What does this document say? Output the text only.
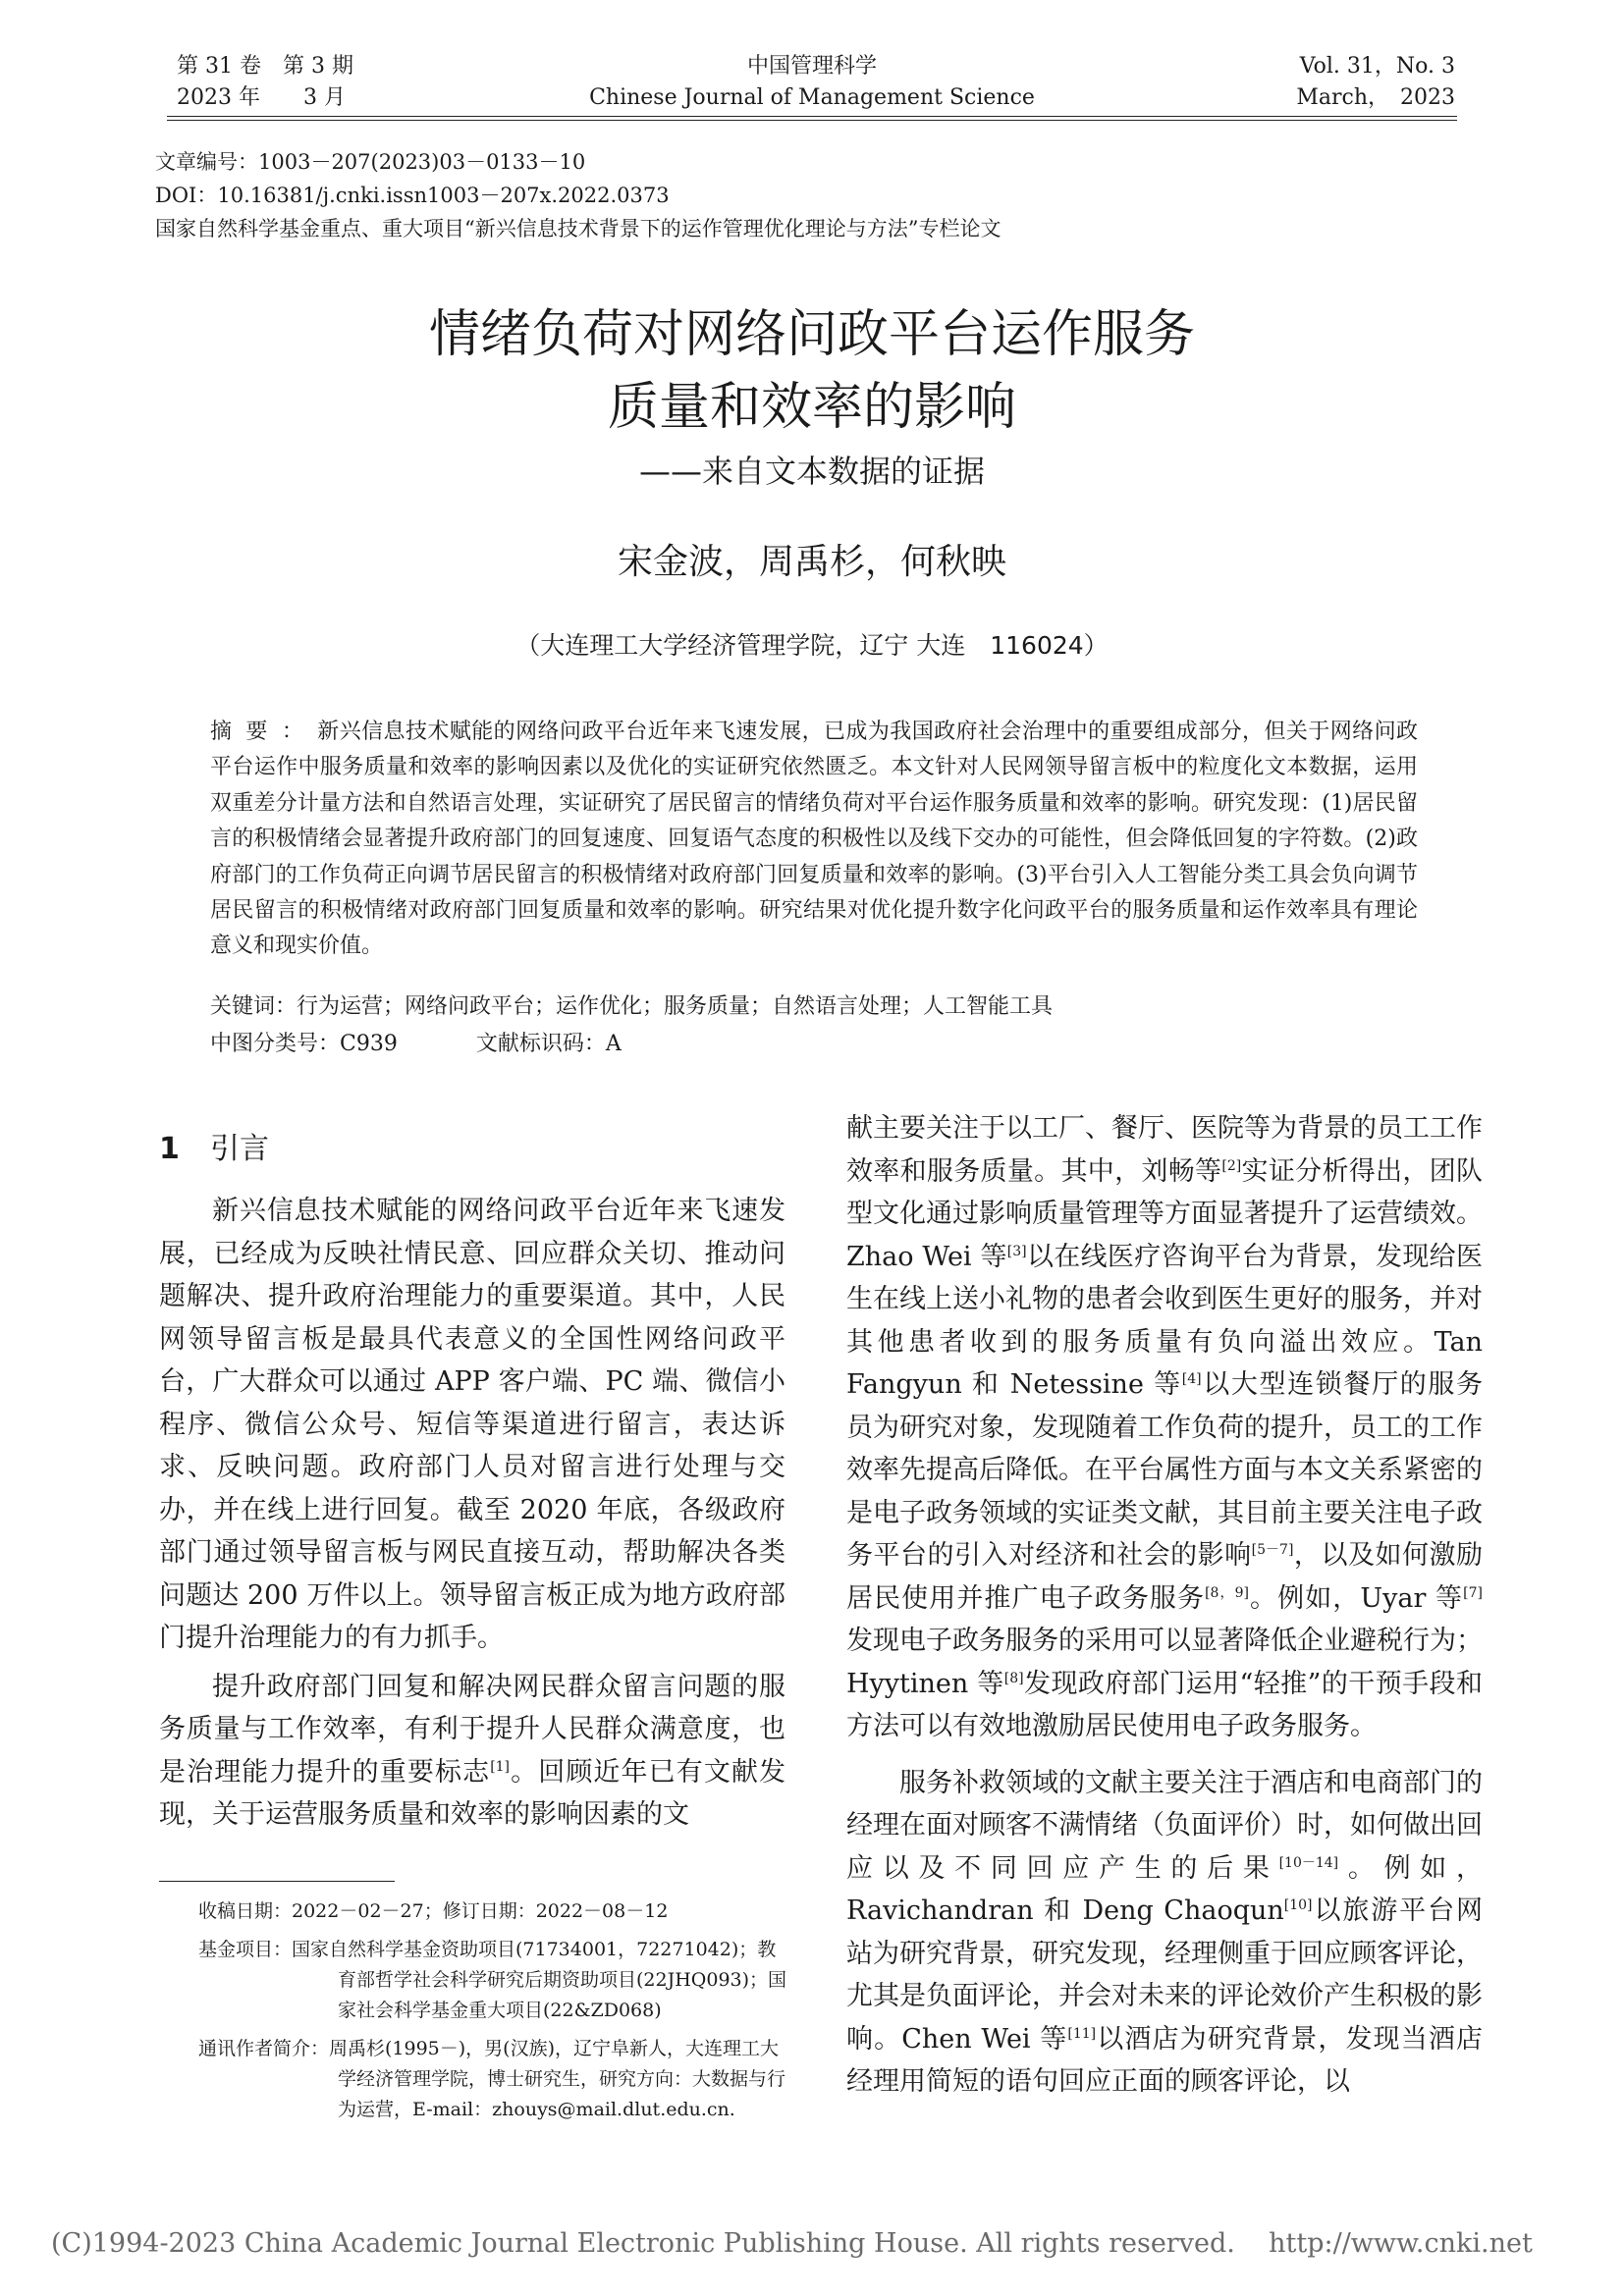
第 31 卷　第 3 期
2023 年　　3 月
中国管理科学
Chinese Journal of Management Science
Vol. 31，No. 3
March，　2023
文章编号：1003－207(2023)03－0133－10
DOI：10.16381/j.cnki.issn1003－207x.2022.0373
国家自然科学基金重点、重大项目“新兴信息技术背景下的运作管理优化理论与方法”专栏论文
情绪负荷对网络问政平台运作服务
质量和效率的影响
——来自文本数据的证据
宋金波，周禹杉，何秋映
（大连理工大学经济管理学院，辽宁 大连　116024）

摘要：新兴信息技术赋能的网络问政平台近年来飞速发展，已成为我国政府社会治理中的重要组成部分，但关于网络问政平台运作中服务质量和效率的影响因素以及优化的实证研究依然匮乏。本文针对人民网领导留言板中的粒度化文本数据，运用双重差分计量方法和自然语言处理，实证研究了居民留言的情绪负荷对平台运作服务质量和效率的影响。研究发现：(1)居民留言的积极情绪会显著提升政府部门的回复速度、回复语气态度的积极性以及线下交办的可能性，但会降低回复的字符数。(2)政府部门的工作负荷正向调节居民留言的积极情绪对政府部门回复质量和效率的影响。(3)平台引入人工智能分类工具会负向调节居民留言的积极情绪对政府部门回复质量和效率的影响。研究结果对优化提升数字化问政平台的服务质量和运作效率具有理论意义和现实价值。

关键词：行为运营；网络问政平台；运作优化；服务质量；自然语言处理；人工智能工具
中图分类号：C939	文献标识码：A
1 引言

新兴信息技术赋能的网络问政平台近年来飞速发展，已经成为反映社情民意、回应群众关切、推动问题解决、提升政府治理能力的重要渠道。其中，人民网领导留言板是最具代表意义的全国性网络问政平台，广大群众可以通过 APP 客户端、PC 端、微信小程序、微信公众号、短信等渠道进行留言，表达诉求、反映问题。政府部门人员对留言进行处理与交办，并在线上进行回复。截至 2020 年底，各级政府部门通过领导留言板与网民直接互动，帮助解决各类问题达 200 万件以上。领导留言板正成为地方政府部门提升治理能力的有力抓手。

提升政府部门回复和解决网民群众留言问题的服务质量与工作效率，有利于提升人民群众满意度，也是治理能力提升的重要标志[1]。回顾近年已有文献发现，关于运营服务质量和效率的影响因素的文

献主要关注于以工厂、餐厅、医院等为背景的员工工作效率和服务质量。其中，刘畅等[2]实证分析得出，团队型文化通过影响质量管理等方面显著提升了运营绩效。Zhao Wei 等[3]以在线医疗咨询平台为背景，发现给医生在线上送小礼物的患者会收到医生更好的服务，并对其他患者收到的服务质量有负向溢出效应。Tan Fangyun 和 Netessine 等[4]以大型连锁餐厅的服务员为研究对象，发现随着工作负荷的提升，员工的工作效率先提高后降低。在平台属性方面与本文关系紧密的是电子政务领域的实证类文献，其目前主要关注电子政务平台的引入对经济和社会的影响[5－7]，以及如何激励居民使用并推广电子政务服务[8，9]。例如，Uyar 等[7]发现电子政务服务的采用可以显著降低企业避税行为；Hyytinen 等[8]发现政府部门运用“轻推”的干预手段和方法可以有效地激励居民使用电子政务服务。

服务补救领域的文献主要关注于酒店和电商部门的经理在面对顾客不满情绪（负面评价）时，如何做出回应以及不同回应产生的后果[10－14]。例如，Ravichandran 和 Deng Chaoqun[10]以旅游平台网站为研究背景，研究发现，经理侧重于回应顾客评论，尤其是负面评论，并会对未来的评论效价产生积极的影响。Chen Wei 等[11]以酒店为研究背景，发现当酒店经理用简短的语句回应正面的顾客评论，以

收稿日期：2022－02－27；修订日期：2022－08－12
基金项目：国家自然科学基金资助项目(71734001，72271042)；教育部哲学社会科学研究后期资助项目(22JHQ093)；国家社会科学基金重大项目(22&ZD068)
通讯作者简介：周禹杉(1995－)，男(汉族)，辽宁阜新人，大连理工大学经济管理学院，博士研究生，研究方向：大数据与行为运营，E-mail：zhouys@mail.dlut.edu.cn.
(C)1994-2023 China Academic Journal Electronic Publishing House. All rights reserved.    http://www.cnki.net
